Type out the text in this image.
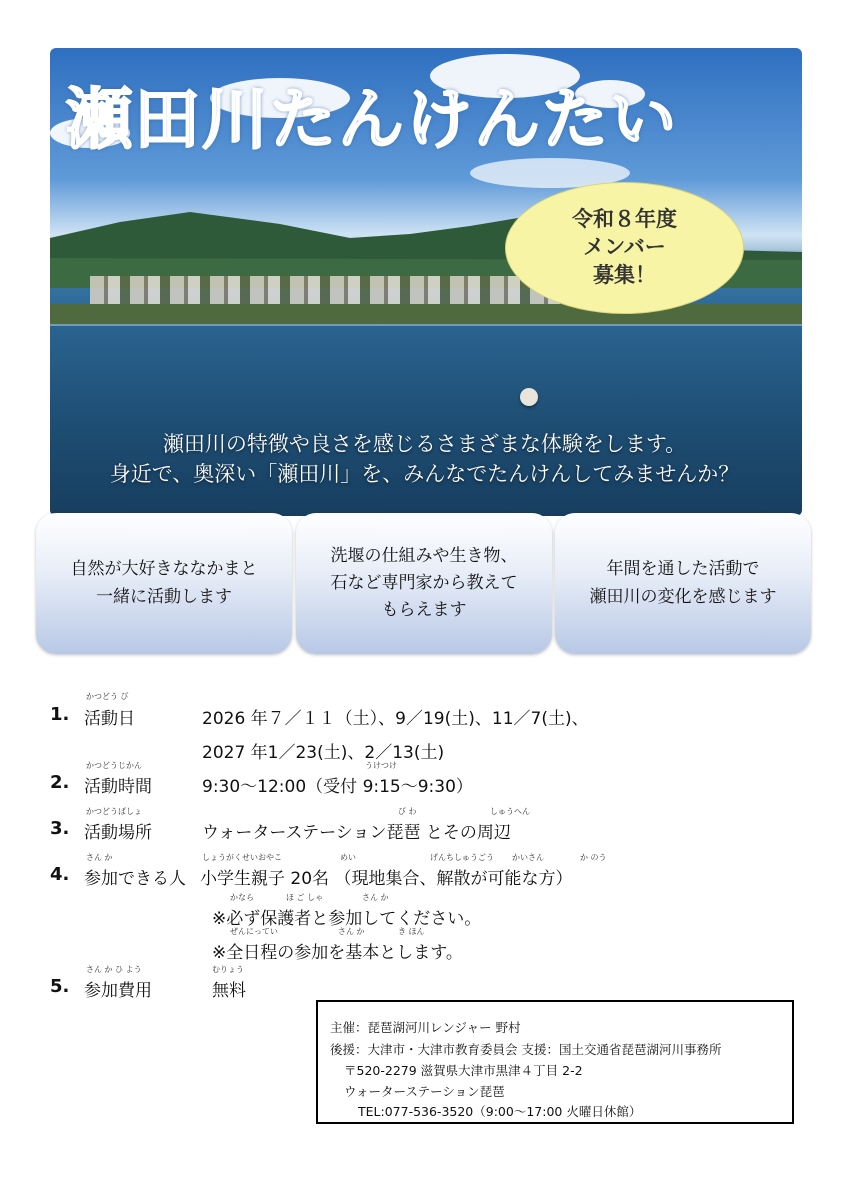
瀬田川たんけんたい
令和８年度
メンバー
募集！
瀬田川の特徴や良さを感じるさまざまな体験をします。
身近で、奥深い「瀬田川」を、みんなでたんけんしてみませんか？
自然が大好きななかまと
一緒に活動します
洗堰の仕組みや生き物、
石など専門家から教えて
もらえます
年間を通した活動で
瀬田川の変化を感じます
かつどう び
1. 活動日	2026 年７／１１（土）、9／19(土)、11／7(土)、
2027 年1／23(土)、2／13(土)
かつどうじかん	うけつけ
2. 活動時間	9:30～12:00（受付 9:15～9:30）
かつどうばしょ	び わ	しゅうへん
3. 活動場所	ウォーターステーション琵琶 とその周辺
さん か	しょうがくせいおやこ	めい	げんちしゅうごう かいさん	か のう
4. 参加できる人 小学生親子 20名 （現地集合、解散が可能な方）
かなら	ほ ご しゃ	さん か
※必ず保護者と参加してください。
ぜんにってい	さん か	き ほん
※全日程の参加を基本とします。
さん か ひ よう	むりょう
5. 参加費用	無料
主催：琵琶湖河川レンジャー 野村
後援：大津市・大津市教育委員会 支援：国土交通省琵琶湖河川事務所
〒520-2279 滋賀県大津市黒津４丁目 2-2
ウォーターステーション琵琶
TEL:077-536-3520（9:00～17:00 火曜日休館）
